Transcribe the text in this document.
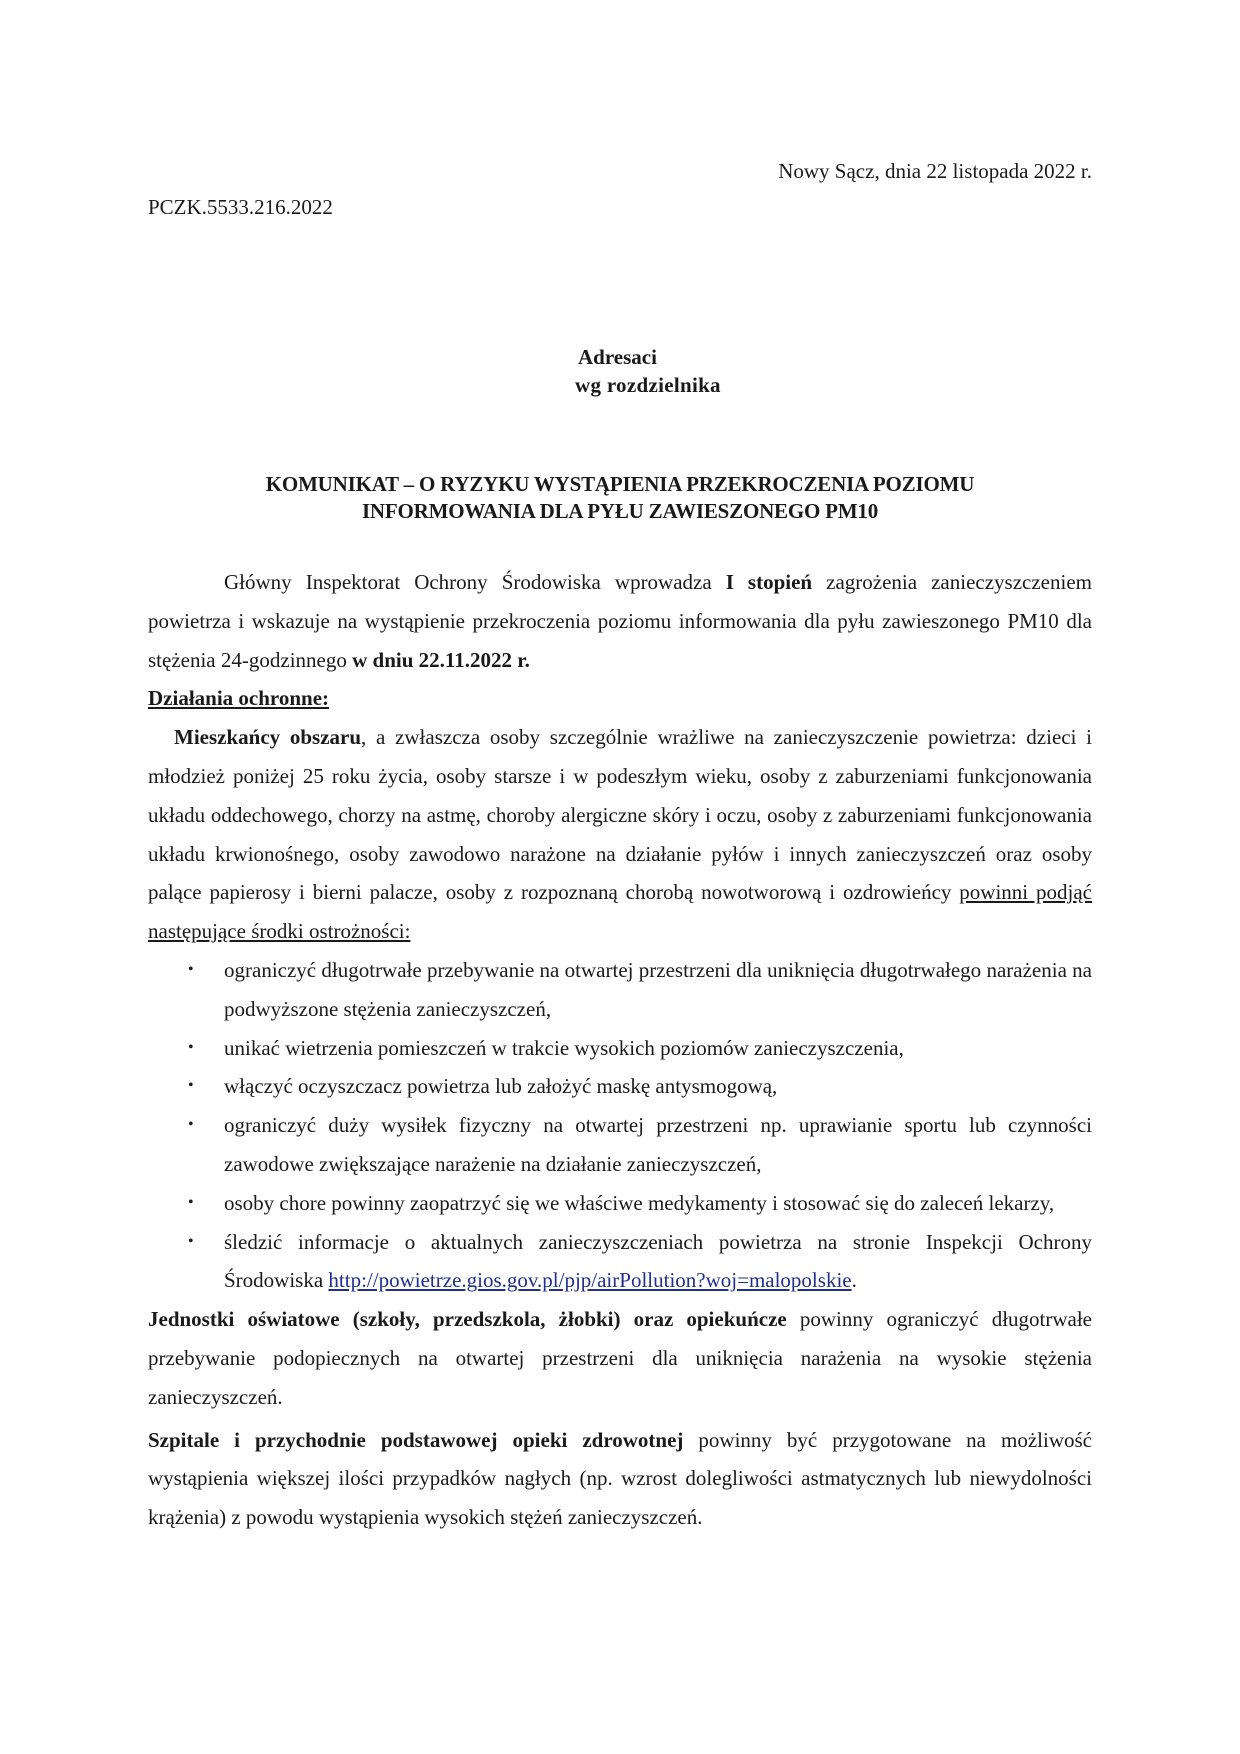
Nowy Sącz, dnia 22 listopada 2022 r.
PCZK.5533.216.2022
Adresaci
wg rozdzielnika
KOMUNIKAT – O RYZYKU WYSTĄPIENIA PRZEKROCZENIA POZIOMU
INFORMOWANIA DLA PYŁU ZAWIESZONEGO PM10

Główny Inspektorat Ochrony Środowiska wprowadza I stopień zagrożenia zanieczyszczeniem powietrza i wskazuje na wystąpienie przekroczenia poziomu informowania dla pyłu zawieszonego PM10 dla stężenia 24-godzinnego w dniu 22.11.2022 r.

Działania ochronne:

Mieszkańcy obszaru, a zwłaszcza osoby szczególnie wrażliwe na zanieczyszczenie powietrza: dzieci i młodzież poniżej 25 roku życia, osoby starsze i w podeszłym wieku, osoby z zaburzeniami funkcjonowania układu oddechowego, chorzy na astmę, choroby alergiczne skóry i oczu, osoby z zaburzeniami funkcjonowania układu krwionośnego, osoby zawodowo narażone na działanie pyłów i innych zanieczyszczeń oraz osoby palące papierosy i bierni palacze, osoby z rozpoznaną chorobą nowotworową i ozdrowieńcy powinni podjąć następujące środki ostrożności:

• ograniczyć długotrwałe przebywanie na otwartej przestrzeni dla uniknięcia długotrwałego narażenia na podwyższone stężenia zanieczyszczeń,
• unikać wietrzenia pomieszczeń w trakcie wysokich poziomów zanieczyszczenia,
• włączyć oczyszczacz powietrza lub założyć maskę antysmogową,
• ograniczyć duży wysiłek fizyczny na otwartej przestrzeni np. uprawianie sportu lub czynności zawodowe zwiększające narażenie na działanie zanieczyszczeń,
• osoby chore powinny zaopatrzyć się we właściwe medykamenty i stosować się do zaleceń lekarzy,
• śledzić informacje o aktualnych zanieczyszczeniach powietrza na stronie Inspekcji Ochrony Środowiska http://powietrze.gios.gov.pl/pjp/airPollution?woj=malopolskie.

Jednostki oświatowe (szkoły, przedszkola, żłobki) oraz opiekuńcze powinny ograniczyć długotrwałe przebywanie podopiecznych na otwartej przestrzeni dla uniknięcia narażenia na wysokie stężenia zanieczyszczeń.

Szpitale i przychodnie podstawowej opieki zdrowotnej powinny być przygotowane na możliwość wystąpienia większej ilości przypadków nagłych (np. wzrost dolegliwości astmatycznych lub niewydolności krążenia) z powodu wystąpienia wysokich stężeń zanieczyszczeń.
